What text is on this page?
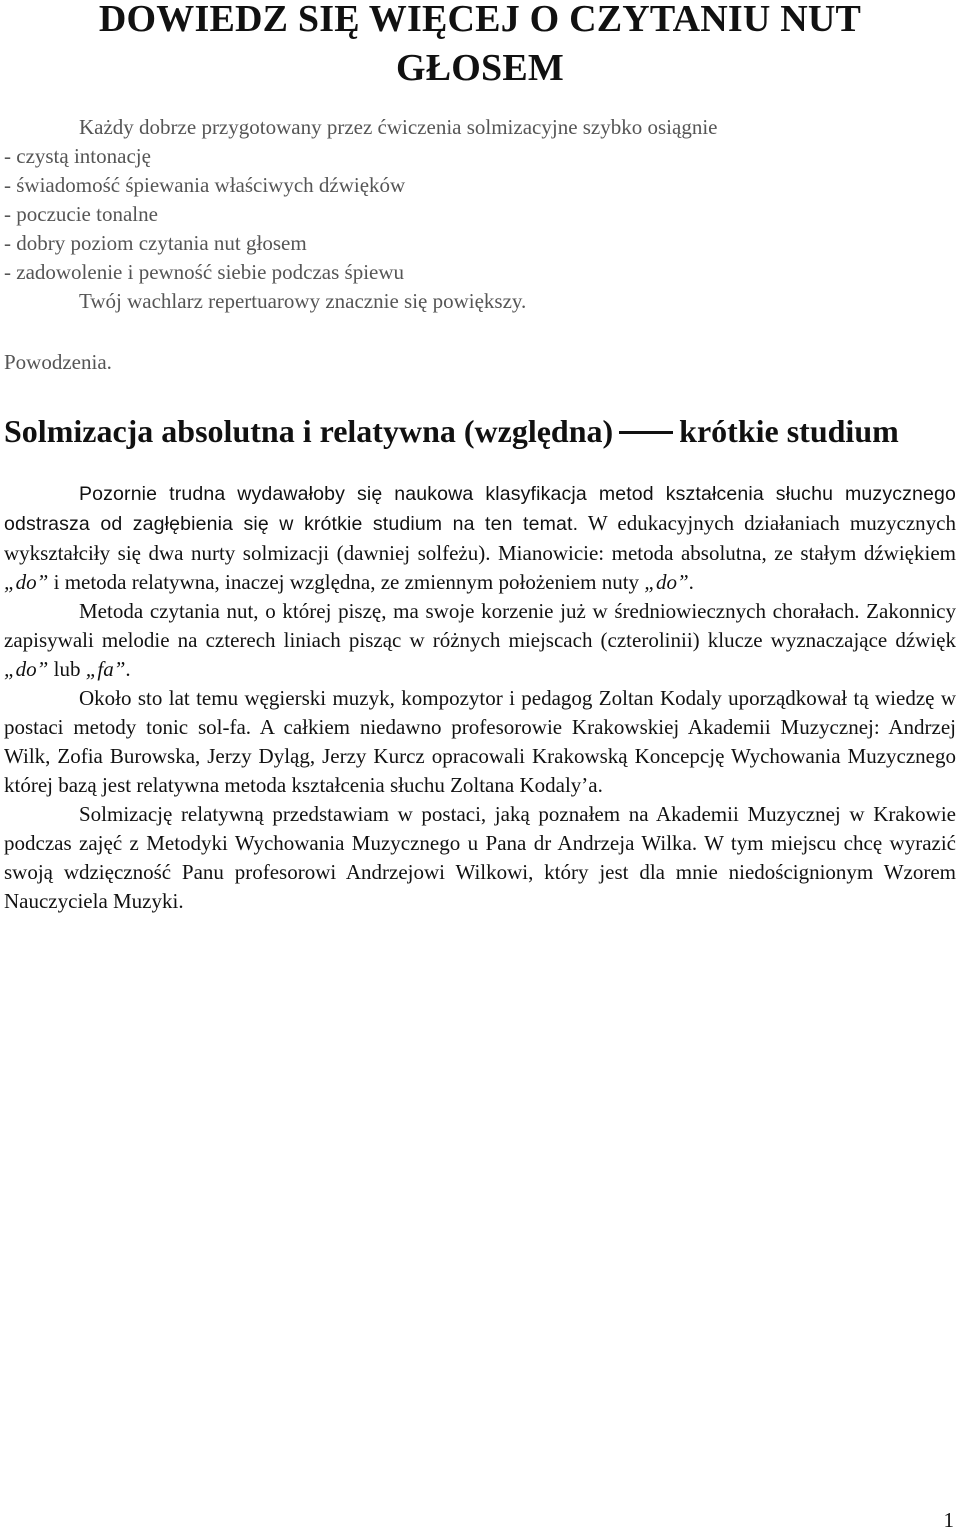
DOWIEDZ SIĘ WIĘCEJ O CZYTANIU NUT
GŁOSEM

Każdy dobrze przygotowany przez ćwiczenia solmizacyjne szybko osiągnie

- czystą intonację

- świadomość śpiewania właściwych dźwięków

- poczucie tonalne

- dobry poziom czytania nut głosem

- zadowolenie i pewność siebie podczas śpiewu

Twój wachlarz repertuarowy znacznie się powiększy.

Powodzenia.
Solmizacja absolutna i relatywna (względna) krótkie studium

Pozornie trudna wydawałoby się naukowa klasyfikacja metod kształcenia słuchu muzycznego odstrasza od zagłębienia się w krótkie studium na ten temat. W edukacyjnych działaniach muzycznych wykształciły się dwa nurty solmizacji (dawniej solfeżu). Mianowicie: metoda absolutna, ze stałym dźwiękiem „do” i metoda relatywna, inaczej względna, ze zmiennym położeniem nuty „do”.

Metoda czytania nut, o której piszę, ma swoje korzenie już w średniowiecznych chorałach. Zakonnicy zapisywali melodie na czterech liniach pisząc w różnych miejscach (czterolinii) klucze wyznaczające dźwięk „do” lub „fa”.

Około sto lat temu węgierski muzyk, kompozytor i pedagog Zoltan Kodaly uporządkował tą wiedzę w postaci metody tonic sol-fa. A całkiem niedawno profesorowie Krakowskiej Akademii Muzycznej: Andrzej Wilk, Zofia Burowska, Jerzy Dyląg, Jerzy Kurcz opracowali Krakowską Koncepcję Wychowania Muzycznego której bazą jest relatywna metoda kształcenia słuchu Zoltana Kodaly’a.

Solmizację relatywną przedstawiam w postaci, jaką poznałem na Akademii Muzycznej w Krakowie podczas zajęć z Metodyki Wychowania Muzycznego u Pana dr Andrzeja Wilka. W tym miejscu chcę wyrazić swoją wdzięczność Panu profesorowi Andrzejowi Wilkowi, który jest dla mnie niedoścignionym Wzorem Nauczyciela Muzyki.

1
